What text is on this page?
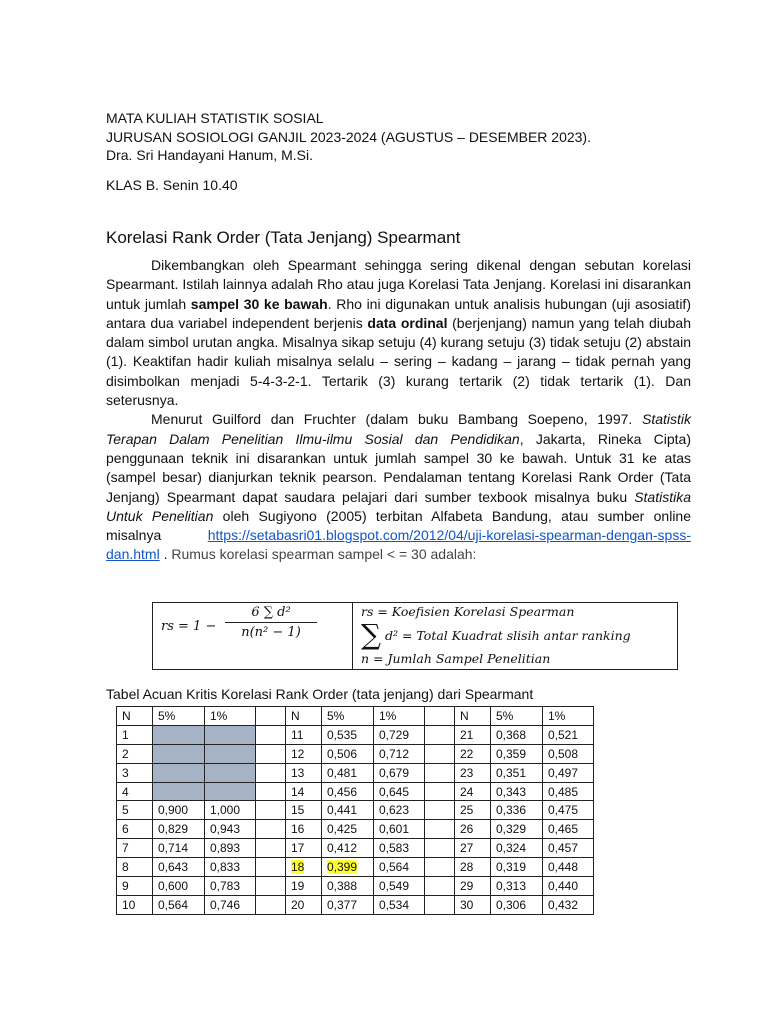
MATA KULIAH STATISTIK SOSIAL
JURUSAN SOSIOLOGI GANJIL 2023-2024 (AGUSTUS – DESEMBER 2023).
Dra. Sri Handayani Hanum, M.Si.
KLAS B. Senin 10.40
Korelasi Rank Order (Tata Jenjang) Spearmant

Dikembangkan oleh Spearmant sehingga sering dikenal dengan sebutan korelasi Spearmant. Istilah lainnya adalah Rho atau juga Korelasi Tata Jenjang. Korelasi ini disarankan untuk jumlah sampel 30 ke bawah. Rho ini digunakan untuk analisis hubungan (uji asosiatif) antara dua variabel independent berjenis data ordinal (berjenjang) namun yang telah diubah dalam simbol urutan angka. Misalnya sikap setuju (4) kurang setuju (3) tidak setuju (2) abstain (1). Keaktifan hadir kuliah misalnya selalu – sering – kadang – jarang – tidak pernah yang disimbolkan menjadi 5-4-3-2-1. Tertarik (3) kurang tertarik (2) tidak tertarik (1). Dan seterusnya.

Menurut Guilford dan Fruchter (dalam buku Bambang Soepeno, 1997. Statistik Terapan Dalam Penelitian Ilmu-ilmu Sosial dan Pendidikan, Jakarta, Rineka Cipta) penggunaan teknik ini disarankan untuk jumlah sampel 30 ke bawah. Untuk 31 ke atas (sampel besar) dianjurkan teknik pearson. Pendalaman tentang Korelasi Rank Order (Tata Jenjang) Spearmant dapat saudara pelajari dari sumber texbook misalnya buku Statistika Untuk Penelitian oleh Sugiyono (2005) terbitan Alfabeta Bandung, atau sumber online misalnya https://setabasri01.blogspot.com/2012/04/uji-korelasi-spearman-dengan-spss-dan.html . Rumus korelasi spearman sampel < = 30 adalah:

rs = $1 - \frac{\text{6 ∑ d²}}{\text{n(n² − 1)}}$	rs = Koefisien Korelasi Spearman
∑ d² = Total Kuadrat slisih antar ranking
n = Jumlah Sampel Penelitian
Tabel Acuan Kritis Korelasi Rank Order (tata jenjang) dari Spearmant
N	5%	1%		N	5%	1%		N	5%	1%
1				11	0,535	0,729		21	0,368	0,521
2				12	0,506	0,712		22	0,359	0,508
3				13	0,481	0,679		23	0,351	0,497
4				14	0,456	0,645		24	0,343	0,485
5	0,900	1,000		15	0,441	0,623		25	0,336	0,475
6	0,829	0,943		16	0,425	0,601		26	0,329	0,465
7	0,714	0,893		17	0,412	0,583		27	0,324	0,457
8	0,643	0,833		18	0,399	0,564		28	0,319	0,448
9	0,600	0,783		19	0,388	0,549		29	0,313	0,440
10	0,564	0,746		20	0,377	0,534		30	0,306	0,432
